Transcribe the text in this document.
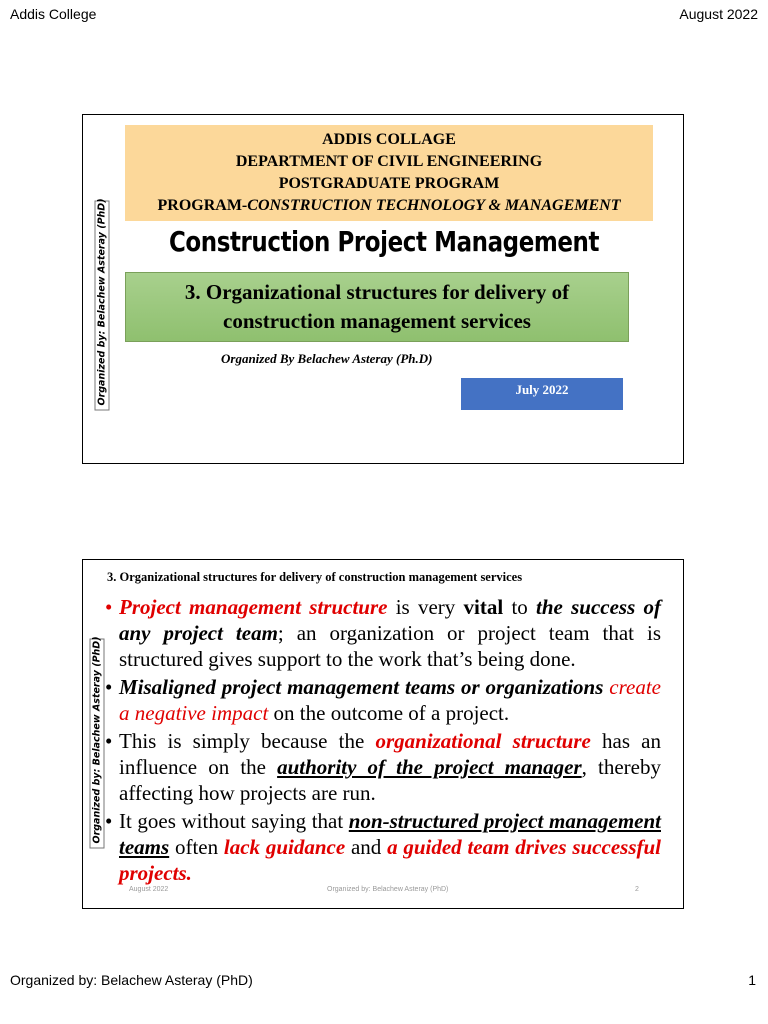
Addis College	August 2022
Organized by: Belachew Asteray (PhD)
ADDIS COLLAGE
DEPARTMENT OF CIVIL ENGINEERING
POSTGRADUATE PROGRAM
PROGRAM-CONSTRUCTION TECHNOLOGY & MANAGEMENT
Construction Project Management
3. Organizational structures for delivery of
construction management services
Organized By Belachew Asteray (Ph.D)
July 2022
Organized by: Belachew Asteray (PhD)
3. Organizational structures for delivery of construction management services
• Project management structure is very vital to the success of any project team; an organization or project team that is structured gives support to the work that’s being done.
• Misaligned project management teams or organizations create a negative impact on the outcome of a project.
• This is simply because the organizational structure has an influence on the authority of the project manager, thereby affecting how projects are run.
• It goes without saying that non-structured project management teams often lack guidance and a guided team drives successful projects.
August 2022	Organized by: Belachew Asteray (PhD)	2
Organized by: Belachew Asteray (PhD)	1
